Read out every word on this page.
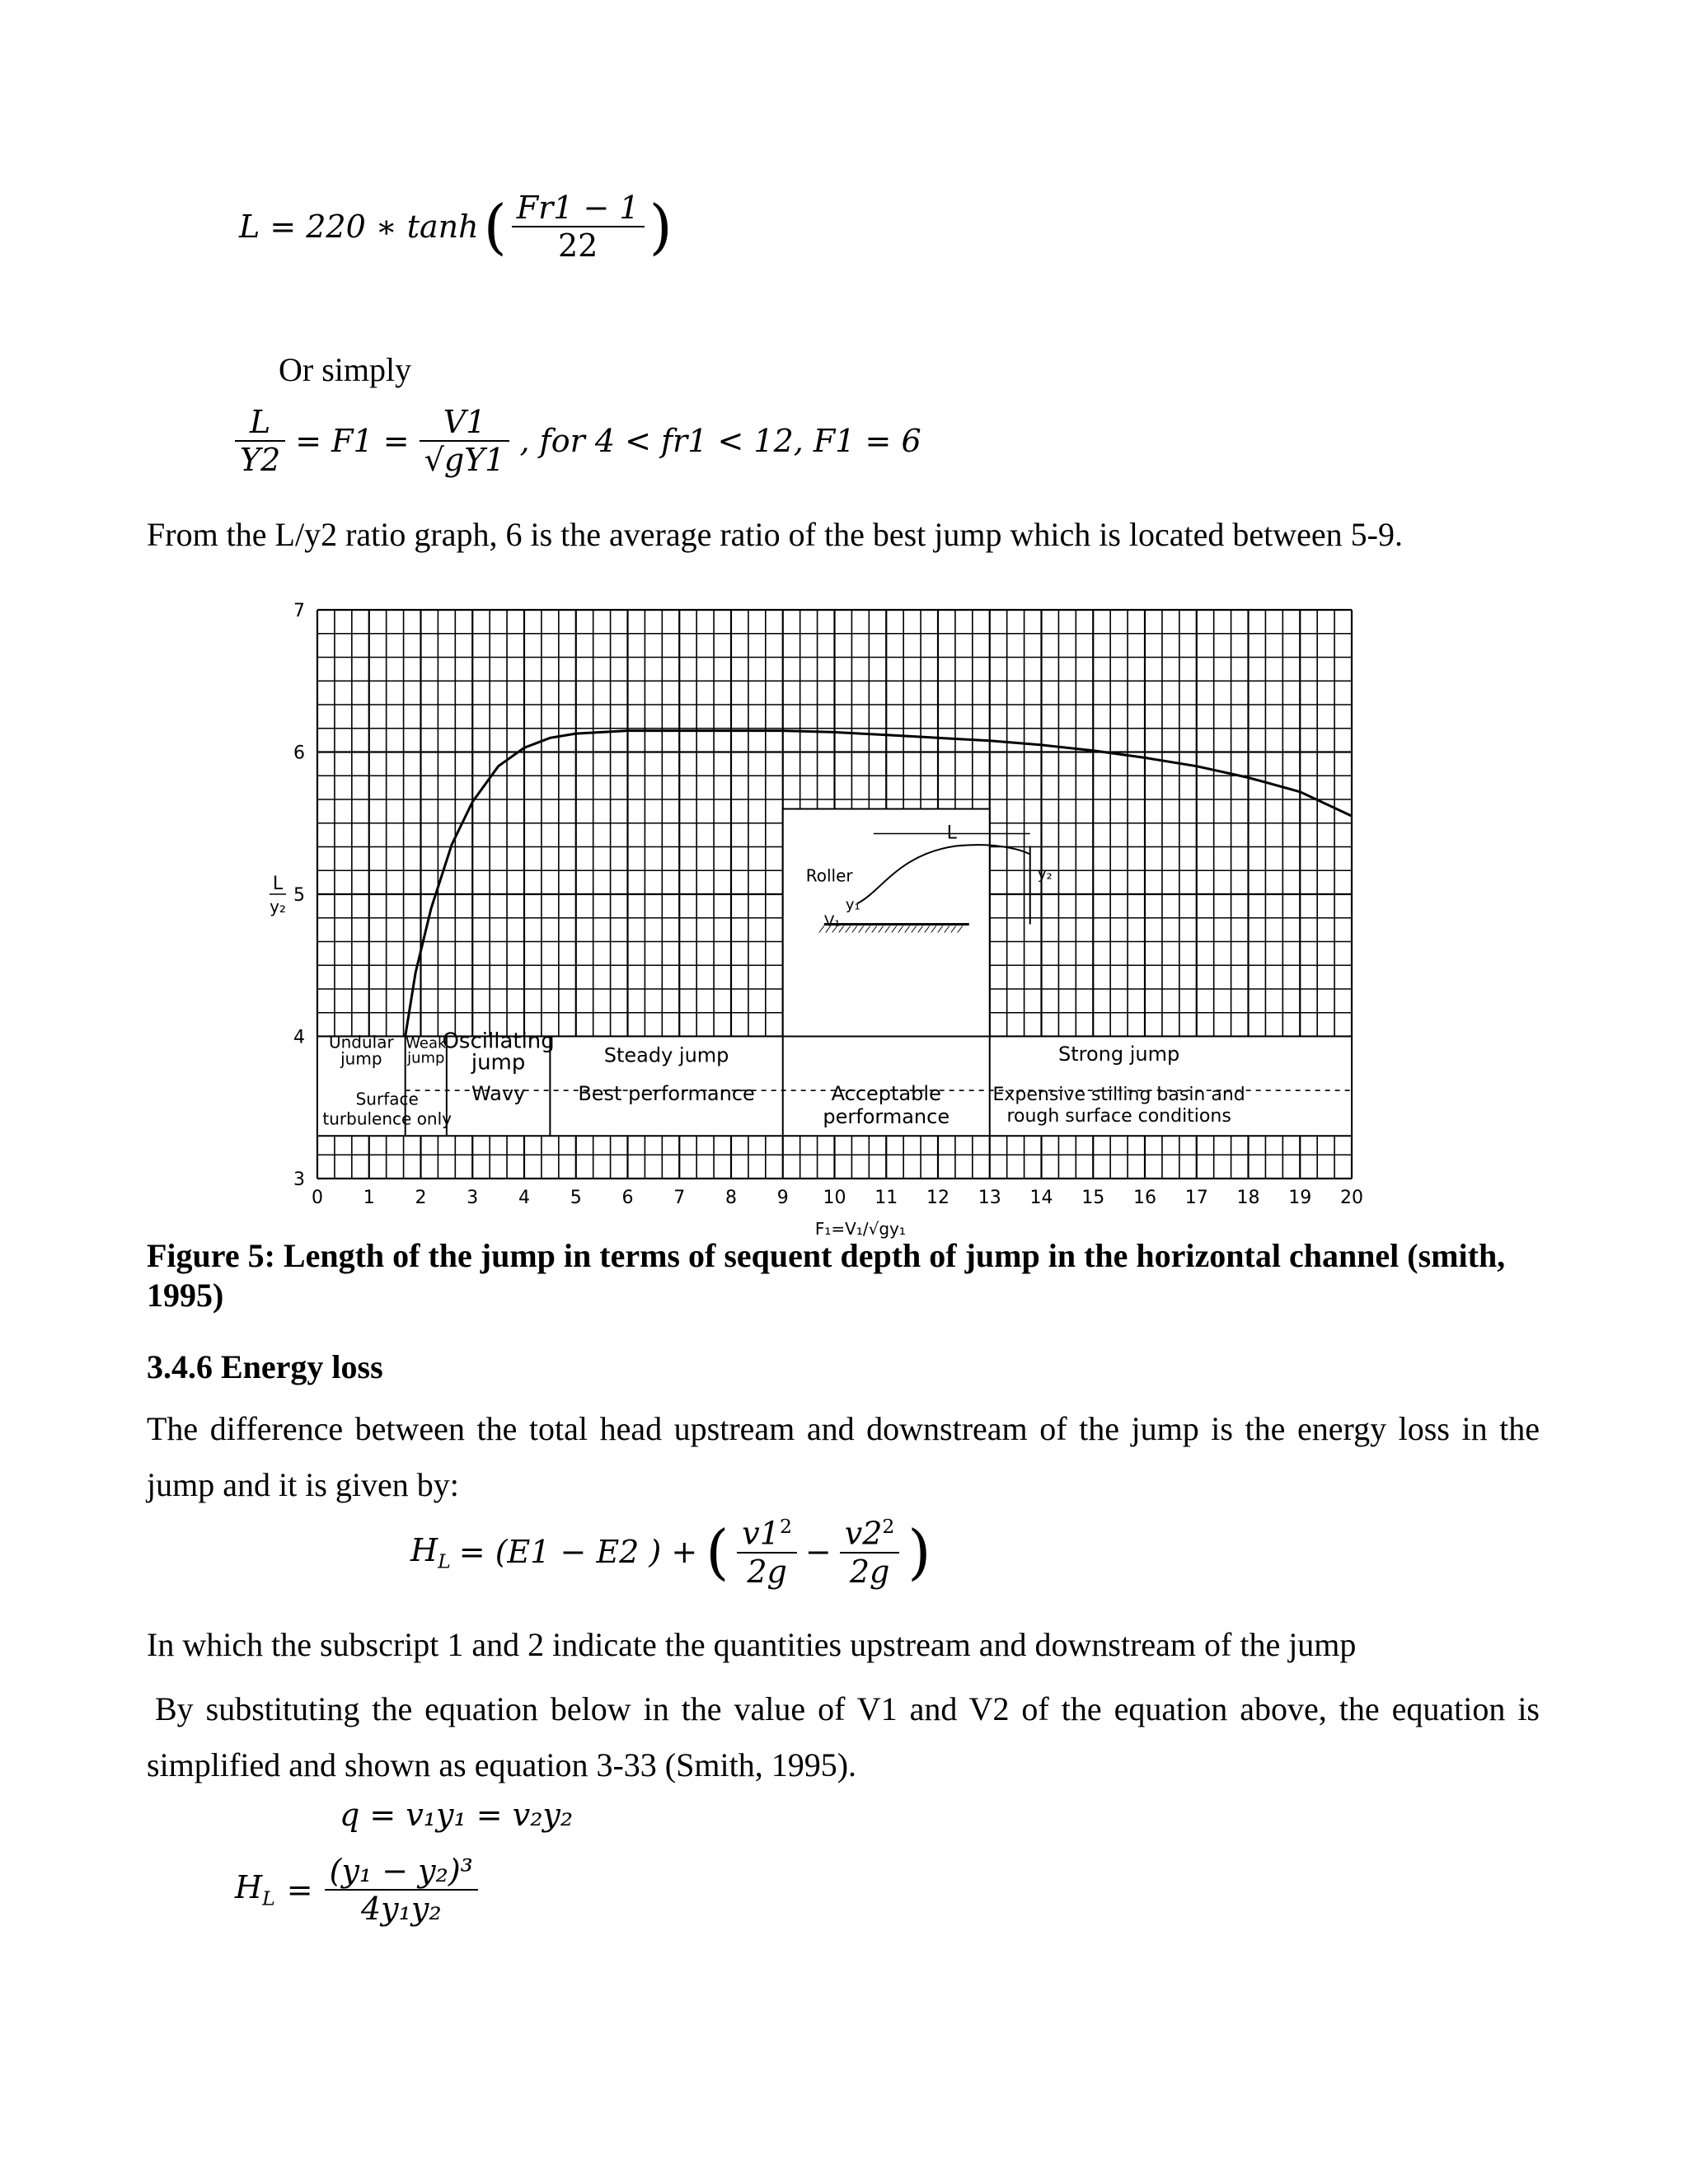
L = 220 ∗ tanh ( $\frac{Fr1 - 1}{22}$ )
Or simply
$\frac{L}{Y2} = F1 = \frac{V1}{√gY1}$ , for 4 < fr1 < 12, F1 = 6
From the L/y2 ratio graph, 6 is the average ratio of the best jump which is located between 5-9.
Roller
L
y₁
y₂
V₁
Undular
jump
Weak
jump
Oscillating
jump	Steady jump	Strong jump
Surface
turbulence only
Wavy	Best performance	Acceptable
performance
Expensive stilling basin and
rough surface conditions
0 1 2 3 4 5 6 7 8 9 10 11 12 13 14 15 16 17 18 19 20
3
4
5
6
7
F₁=V₁/√gy₁
L
y₂
Figure 5: Length of the jump in terms of sequent depth of jump in the horizontal channel (smith, 1995)
3.4.6 Energy loss
The difference between the total head upstream and downstream of the jump is the energy loss in the jump and it is given by:
$H_L = (E1 - E2$ ) + ( $\frac{v1^2}{2g} - \frac{v2^2}{2g}$ )
In which the subscript 1 and 2 indicate the quantities upstream and downstream of the jump
By substituting the equation below in the value of V1 and V2 of the equation above, the equation is simplified and shown as equation 3-33 (Smith, 1995).
q = v₁y₁ = v₂y₂
$H_L = \frac{\text{(y₁ − y₂)³}}{\text{4y₁y₂}}$
